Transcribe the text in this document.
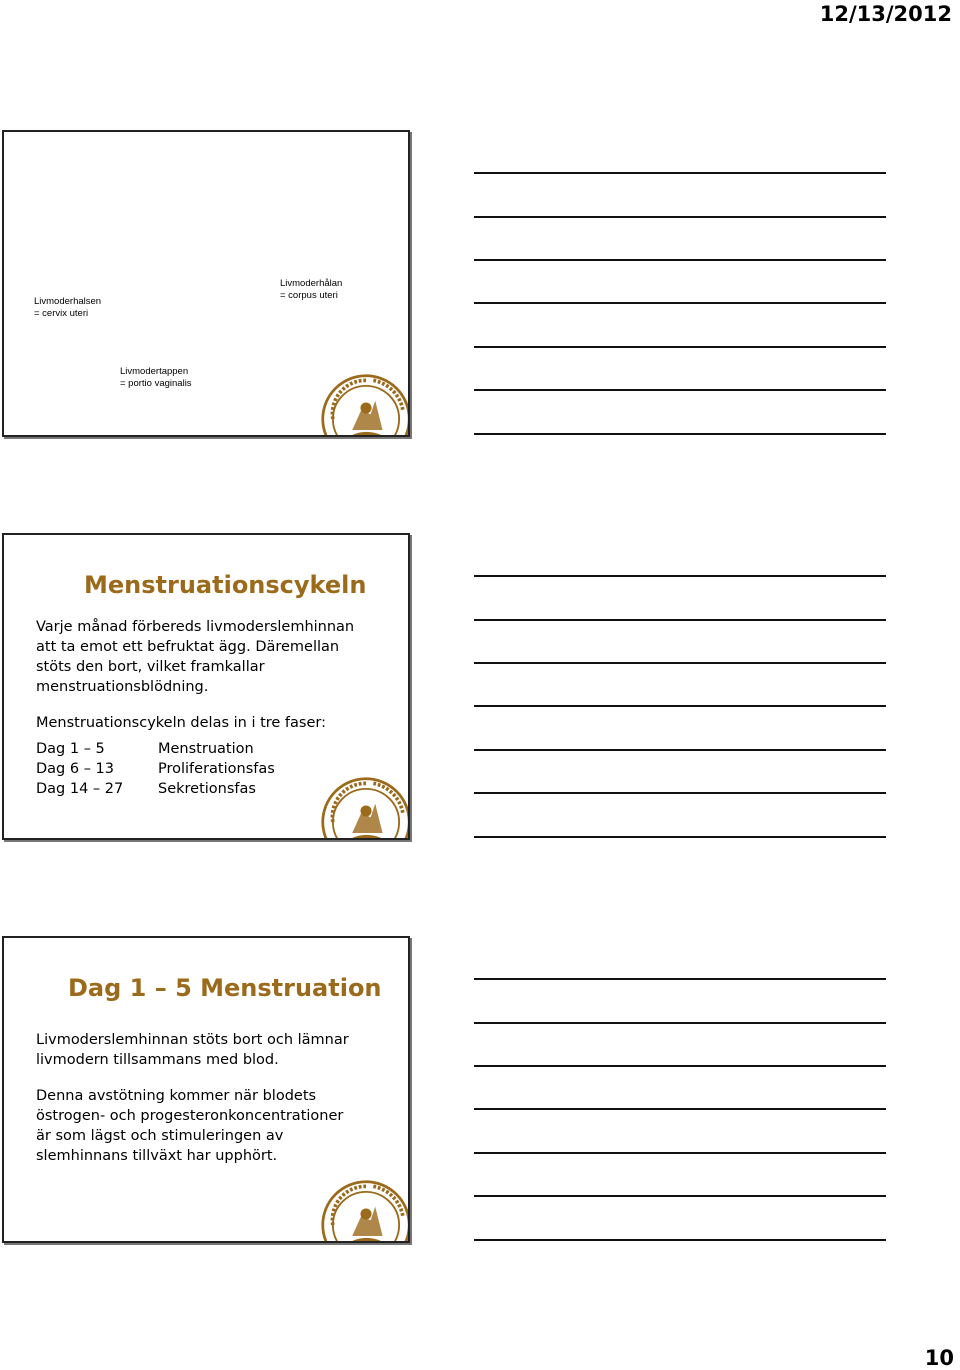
12/13/2012
Livmoderhålan
= corpus uteri
Livmoderhalsen
= cervix uteri
Livmodertappen
= portio vaginalis
Menstruationscykeln
Varje månad förbereds livmoderslemhinnan
att ta emot ett befruktat ägg. Däremellan
stöts den bort, vilket framkallar
menstruationsblödning.
Menstruationscykeln delas in i tre faser:
Dag 1 – 5	Menstruation
Dag 6 – 13	Proliferationsfas
Dag 14 – 27	Sekretionsfas
Dag 1 – 5 Menstruation
Livmoderslemhinnan stöts bort och lämnar
livmodern tillsammans med blod.
Denna avstötning kommer när blodets
östrogen- och progesteronkoncentrationer
är som lägst och stimuleringen av
slemhinnans tillväxt har upphört.
10
